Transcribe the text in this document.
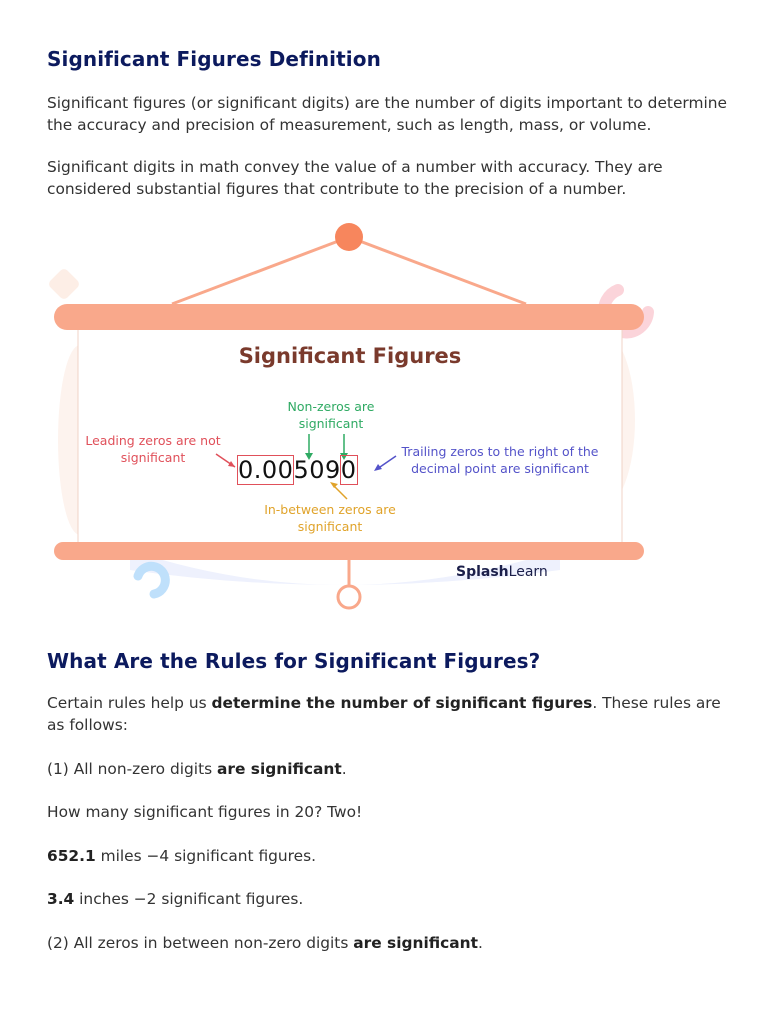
Significant Figures Definition

Significant figures (or significant digits) are the number of digits important to determine the accuracy and precision of measurement, such as length, mass, or volume.

Significant digits in math convey the value of a number with accuracy. They are considered substantial figures that contribute to the precision of a number.

Significant Figures
Non-zeros are significant
Leading zeros are not significant	Trailing zeros to the right of the decimal point are significant
In-between zeros are significant
0.005090
SplashLearn
What Are the Rules for Significant Figures?

Certain rules help us determine the number of significant figures. These rules are as follows:

(1) All non-zero digits are significant.

How many significant figures in 20? Two!

652.1 miles −4 significant figures.

3.4 inches −2 significant figures.

(2) All zeros in between non-zero digits are significant.
